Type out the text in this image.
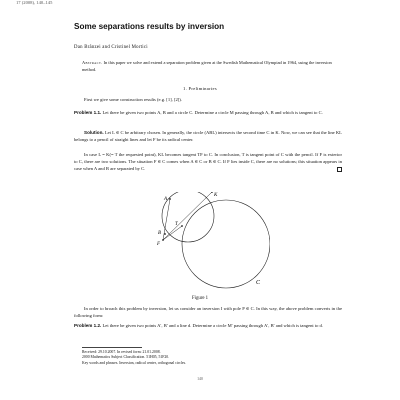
17 (2008), 140–145
Some separations results by inversion
Dan Brânzei and Cristinel Mortici

Abstract. In this paper we solve and extend a separation problem given at the Swedish Mathematical Olympiad in 1964, using the inversion method.

1. Preliminaries

First we give some construction results (e.g. [1], [2]).

Problem 1.1. Let there be given two points A, B and a circle C. Determine a circle M passing through A, B and which is tangent to C.

Solution. Let L ∈ C be arbitrary chosen. In generally, the circle (ABL) intersects the second time C in K. Now, we can see that the line KL belongs to a pencil of straight lines and let F be its radical center.

In case L = K(= T the requested point), KL becomes tangent TF to C. In conclusion, T is tangent point of C with the pencil. If F is exterior to C, there are two solutions. The situation F ∈ C comes when A ∈ C or B ∈ C. If F lies inside C, there are no solutions; this situation appears in case when A and B are separated by C.

A
K
T
F
B
C
Figure 1

In order to broach this problem by inversion, let us consider an inversion I with pole P ∈ C. In this way, the above problem converts in the following form:

Problem 1.2. Let there be given two points A′, B′ and a line d. Determine a circle M′ passing through A′, B′ and which is tangent to d.

Received: 29.10.2007. In revised form: 21.01.2008.
2000 Mathematics Subject Classification. 51H05, 51F20.
Key words and phrases. Inversion, radical center, orthogonal circles.
140
